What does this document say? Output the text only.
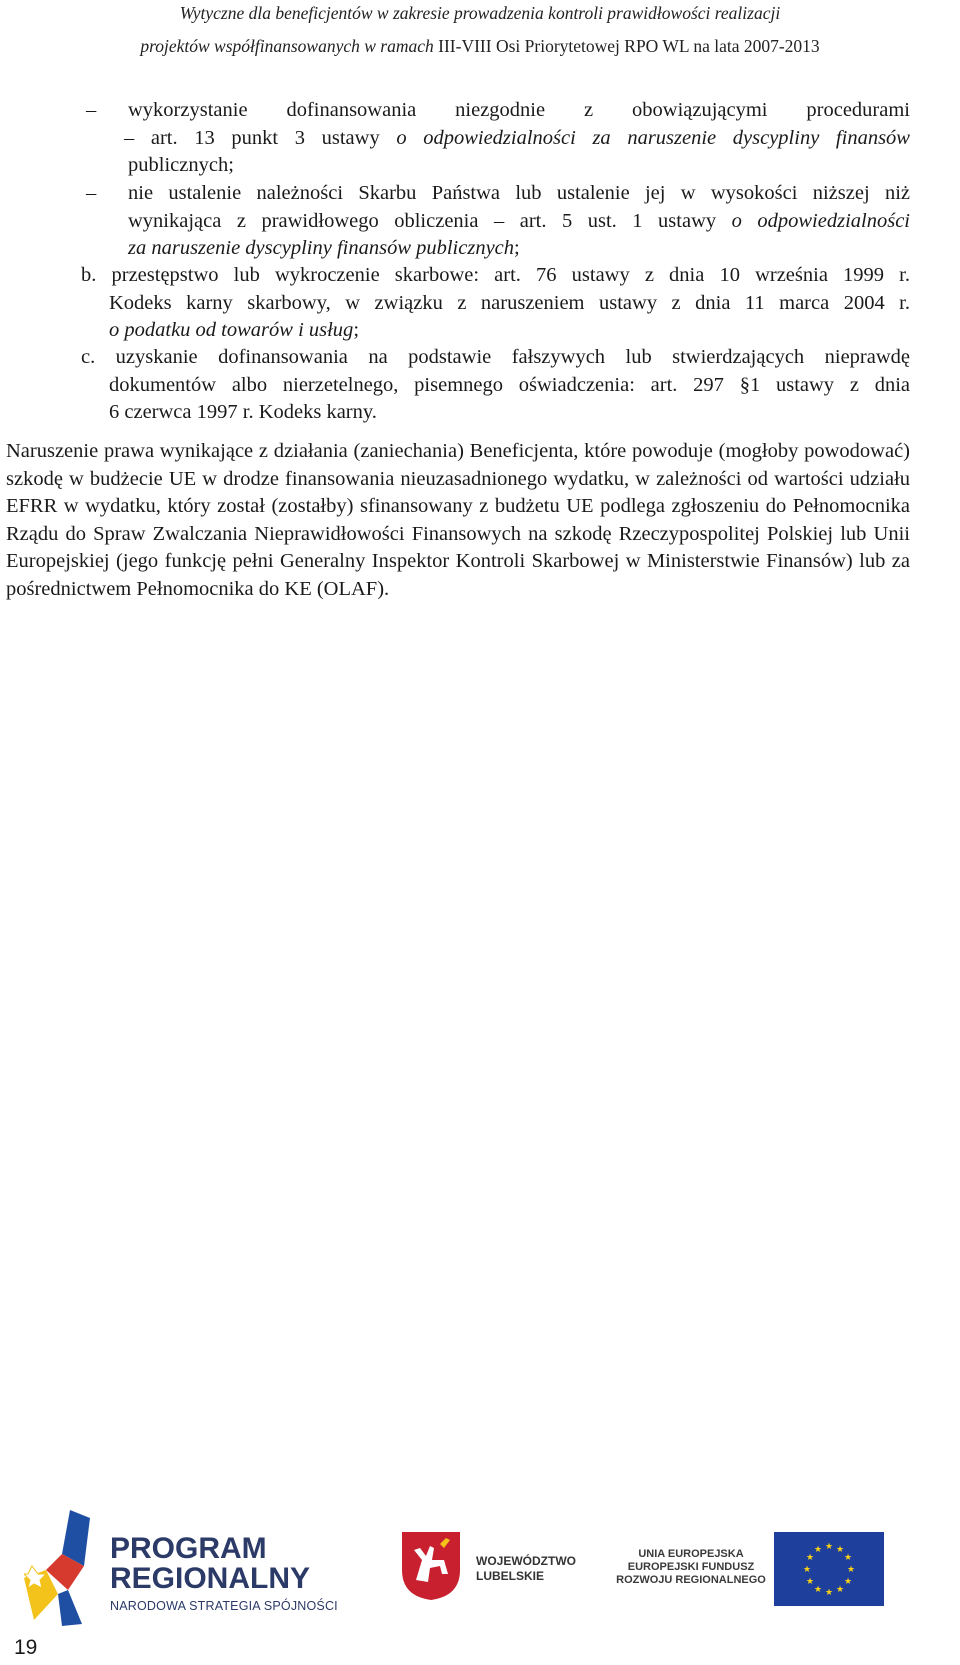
Wytyczne dla beneficjentów w zakresie prowadzenia kontroli prawidłowości realizacji
projektów współfinansowanych w ramach III-VIII Osi Priorytetowej RPO WL na lata 2007-2013
–	wykorzystanie dofinansowania niezgodnie z obowiązującymi procedurami
– art. 13 punkt 3 ustawy o odpowiedzialności za naruszenie dyscypliny finansów
publicznych;
–	nie ustalenie należności Skarbu Państwa lub ustalenie jej w wysokości niższej niż
wynikająca z prawidłowego obliczenia – art. 5 ust. 1 ustawy o odpowiedzialności
za naruszenie dyscypliny finansów publicznych;
b. przestępstwo lub wykroczenie skarbowe: art. 76 ustawy z dnia 10 września 1999 r.
Kodeks karny skarbowy, w związku z naruszeniem ustawy z dnia 11 marca 2004 r.
o podatku od towarów i usług;
c. uzyskanie dofinansowania na podstawie fałszywych lub stwierdzających nieprawdę
dokumentów albo nierzetelnego, pisemnego oświadczenia: art. 297 §1 ustawy z dnia
6 czerwca 1997 r. Kodeks karny.
Naruszenie prawa wynikające z działania (zaniechania) Beneficjenta, które powoduje (mogłoby powodować) szkodę w budżecie UE w drodze finansowania nieuzasadnionego wydatku, w zależności od wartości udziału EFRR w wydatku, który został (zostałby) sfinansowany z budżetu UE podlega zgłoszeniu do Pełnomocnika Rządu do Spraw Zwalczania Nieprawidłowości Finansowych na szkodę Rzeczypospolitej Polskiej lub Unii Europejskiej (jego funkcję pełni Generalny Inspektor Kontroli Skarbowej w Ministerstwie Finansów) lub za pośrednictwem Pełnomocnika do KE (OLAF).
PROGRAM
REGIONALNY
NARODOWA STRATEGIA SPÓJNOŚCI
WOJEWÓDZTWO
LUBELSKIE
UNIA EUROPEJSKA
EUROPEJSKI FUNDUSZ
ROZWOJU REGIONALNEGO
★ ★
★
★
★
★
★
★
★
★
★
★
19
